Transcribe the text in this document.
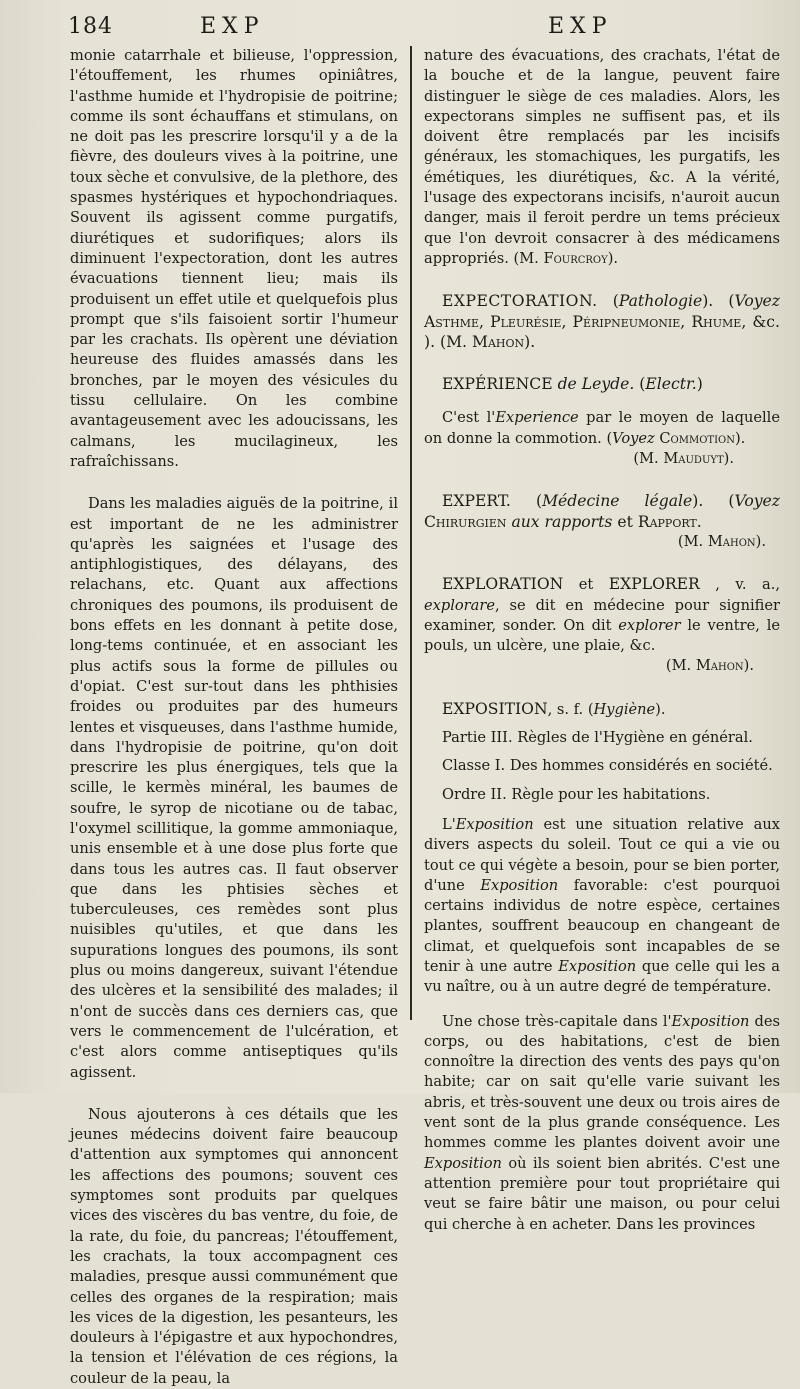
184	EXP	EXP

monie catarrhale et bilieuse, l'oppression, l'étouffement, les rhumes opiniâtres, l'asthme humide et l'hydropisie de poitrine; comme ils sont échauffans et stimulans, on ne doit pas les prescrire lorsqu'il y a de la fièvre, des douleurs vives à la poitrine, une toux sèche et convulsive, de la plethore, des spasmes hystériques et hypochondriaques. Souvent ils agissent comme purgatifs, diurétiques et sudorifiques; alors ils diminuent l'expectoration, dont les autres évacuations tiennent lieu; mais ils produisent un effet utile et quelquefois plus prompt que s'ils faisoient sortir l'humeur par les crachats. Ils opèrent une déviation heureuse des fluides amassés dans les bronches, par le moyen des vésicules du tissu cellulaire. On les combine avantageusement avec les adoucissans, les calmans, les mucilagineux, les rafraîchissans.

Dans les maladies aiguës de la poitrine, il est important de ne les administrer qu'après les saignées et l'usage des antiphlogistiques, des délayans, des relachans, etc. Quant aux affections chroniques des poumons, ils produisent de bons effets en les donnant à petite dose, long-tems continuée, et en associant les plus actifs sous la forme de pillules ou d'opiat. C'est sur-tout dans les phthisies froides ou produites par des humeurs lentes et visqueuses, dans l'asthme humide, dans l'hydropisie de poitrine, qu'on doit prescrire les plus énergiques, tels que la scille, le kermès minéral, les baumes de soufre, le syrop de nicotiane ou de tabac, l'oxymel scillitique, la gomme ammoniaque, unis ensemble et à une dose plus forte que dans tous les autres cas. Il faut observer que dans les phtisies sèches et tuberculeuses, ces remèdes sont plus nuisibles qu'utiles, et que dans les supurations longues des poumons, ils sont plus ou moins dangereux, suivant l'étendue des ulcères et la sensibilité des malades; il n'ont de succès dans ces derniers cas, que vers le commencement de l'ulcération, et c'est alors comme antiseptiques qu'ils agissent.

Nous ajouterons à ces détails que les jeunes médecins doivent faire beaucoup d'attention aux symptomes qui annoncent les affections des poumons; souvent ces symptomes sont produits par quelques vices des viscères du bas ventre, du foie, de la rate, du foie, du pancreas; l'étouffement, les crachats, la toux accompagnent ces maladies, presque aussi communément que celles des organes de la respiration; mais les vices de la digestion, les pesanteurs, les douleurs à l'épigastre et aux hypochondres, la tension et l'élévation de ces régions, la couleur de la peau, la

nature des évacuations, des crachats, l'état de la bouche et de la langue, peuvent faire distinguer le siège de ces maladies. Alors, les expectorans simples ne suffisent pas, et ils doivent être remplacés par les incisifs généraux, les stomachiques, les purgatifs, les émétiques, les diurétiques, &c. A la vérité, l'usage des expectorans incisifs, n'auroit aucun danger, mais il feroit perdre un tems précieux que l'on devroit consacrer à des médicamens appropriés. (M. Fourcroy).

EXPECTORATION. (Pathologie). (Voyez Asthme, Pleurésie, Péripneumonie, Rhume, &c. ). (M. Mahon).

EXPÉRIENCE de Leyde. (Electr.)

C'est l'Experience par le moyen de laquelle on donne la commotion. (Voyez Commotion).

(M. Mauduyt).

EXPERT. (Médecine légale). (Voyez Chirurgien aux rapports et Rapport.

(M. Mahon).

EXPLORATION et EXPLORER , v. a., explorare, se dit en médecine pour signifier examiner, sonder. On dit explorer le ventre, le pouls, un ulcère, une plaie, &c.

(M. Mahon).

EXPOSITION, s. f. (Hygiène).

Partie III. Règles de l'Hygiène en général.

Classe I. Des hommes considérés en société.

Ordre II. Règle pour les habitations.

L'Exposition est une situation relative aux divers aspects du soleil. Tout ce qui a vie ou tout ce qui végète a besoin, pour se bien porter, d'une Exposition favorable: c'est pourquoi certains individus de notre espèce, certaines plantes, souffrent beaucoup en changeant de climat, et quelquefois sont incapables de se tenir à une autre Exposition que celle qui les a vu naître, ou à un autre degré de température.

Une chose très-capitale dans l'Exposition des corps, ou des habitations, c'est de bien connoître la direction des vents des pays qu'on habite; car on sait qu'elle varie suivant les abris, et très-souvent une deux ou trois aires de vent sont de la plus grande conséquence. Les hommes comme les plantes doivent avoir une Exposition où ils soient bien abrités. C'est une attention première pour tout propriétaire qui veut se faire bâtir une maison, ou pour celui qui cherche à en acheter. Dans les provinces
